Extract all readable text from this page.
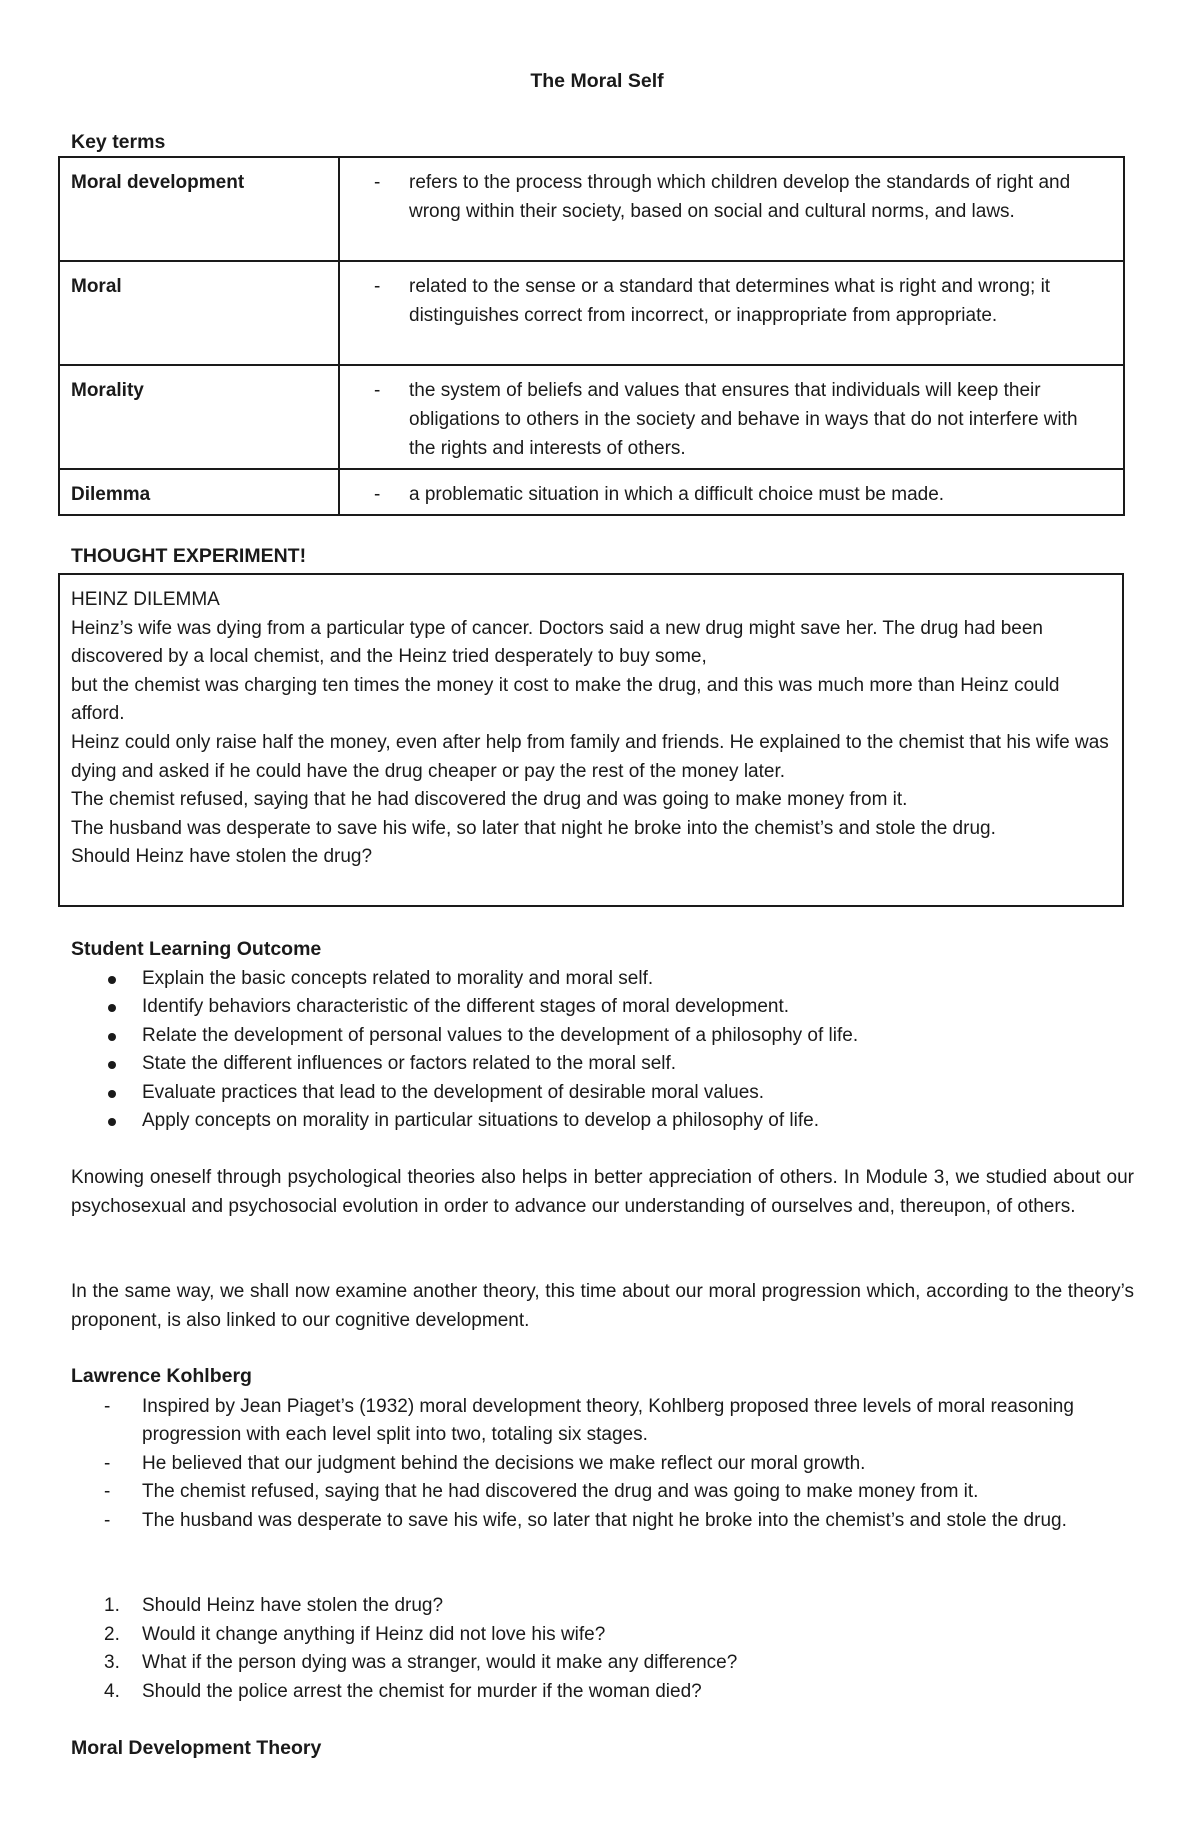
The Moral Self
Key terms
Moral development	- refers to the process through which children develop the standards of right and wrong within their society, based on social and cultural norms, and laws.

Moral	- related to the sense or a standard that determines what is right and wrong; it distinguishes correct from incorrect, or inappropriate from appropriate.

Morality	- the system of beliefs and values that ensures that individuals will keep their obligations to others in the society and behave in ways that do not interfere with the rights and interests of others.

Dilemma	- a problematic situation in which a difficult choice must be made.
THOUGHT EXPERIMENT!

HEINZ DILEMMA

Heinz’s wife was dying from a particular type of cancer. Doctors said a new drug might save her. The drug had been discovered by a local chemist, and the Heinz tried desperately to buy some,

but the chemist was charging ten times the money it cost to make the drug, and this was much more than Heinz could afford.

Heinz could only raise half the money, even after help from family and friends. He explained to the chemist that his wife was dying and asked if he could have the drug cheaper or pay the rest of the money later.

The chemist refused, saying that he had discovered the drug and was going to make money from it.

The husband was desperate to save his wife, so later that night he broke into the chemist’s and stole the drug.

Should Heinz have stolen the drug?

Student Learning Outcome
Explain the basic concepts related to morality and moral self.
Identify behaviors characteristic of the different stages of moral development.
Relate the development of personal values to the development of a philosophy of life.
State the different influences or factors related to the moral self.
Evaluate practices that lead to the development of desirable moral values.
Apply concepts on morality in particular situations to develop a philosophy of life.

Knowing oneself through psychological theories also helps in better appreciation of others. In Module 3, we studied about our psychosexual and psychosocial evolution in order to advance our understanding of ourselves and, thereupon, of others.

In the same way, we shall now examine another theory, this time about our moral progression which, according to the theory’s proponent, is also linked to our cognitive development.

Lawrence Kohlberg
- Inspired by Jean Piaget’s (1932) moral development theory, Kohlberg proposed three levels of moral reasoning progression with each level split into two, totaling six stages.
- He believed that our judgment behind the decisions we make reflect our moral growth.
- The chemist refused, saying that he had discovered the drug and was going to make money from it.
- The husband was desperate to save his wife, so later that night he broke into the chemist’s and stole the drug.
1. Should Heinz have stolen the drug?
2. Would it change anything if Heinz did not love his wife?
3. What if the person dying was a stranger, would it make any difference?
4. Should the police arrest the chemist for murder if the woman died?
Moral Development Theory
